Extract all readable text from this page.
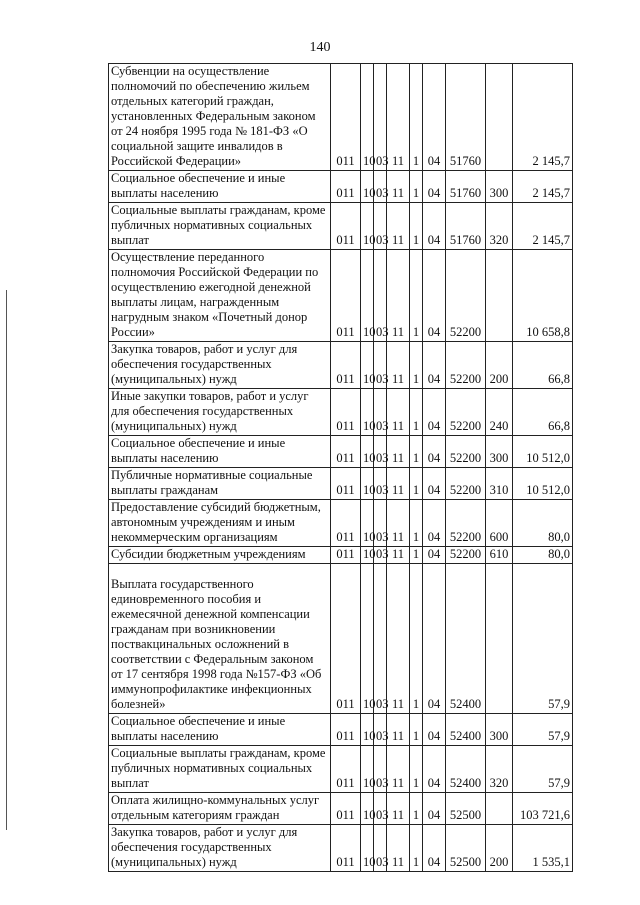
140
Субвенции на осуществление полномочий по обеспечению жильем отдельных категорий граждан, установленных Федеральным законом от 24 ноября 1995 года № 181-ФЗ «О социальной защите инвалидов в Российской Федерации»	011	10	03	11	1	04	51760		2 145,7
Социальное обеспечение и иные выплаты населению	011	10	03	11	1	04	51760	300	2 145,7
Социальные выплаты гражданам, кроме публичных нормативных социальных выплат	011	10	03	11	1	04	51760	320	2 145,7
Осуществление переданного полномочия Российской Федерации по осуществлению ежегодной денежной выплаты лицам, награжденным нагрудным знаком «Почетный донор России»	011	10	03	11	1	04	52200		10 658,8
Закупка товаров, работ и услуг для обеспечения государственных (муниципальных) нужд	011	10	03	11	1	04	52200	200	66,8
Иные закупки товаров, работ и услуг для обеспечения государственных (муниципальных) нужд	011	10	03	11	1	04	52200	240	66,8
Социальное обеспечение и иные выплаты населению	011	10	03	11	1	04	52200	300	10 512,0
Публичные нормативные социальные выплаты гражданам	011	10	03	11	1	04	52200	310	10 512,0
Предоставление субсидий бюджетным, автономным учреждениям и иным некоммерческим организациям	011	10	03	11	1	04	52200	600	80,0
Субсидии бюджетным учреждениям	011	10	03	11	1	04	52200	610	80,0
Выплата государственного единовременного пособия и ежемесячной денежной компенсации гражданам при возникновении поствакцинальных осложнений в соответствии с Федеральным законом от 17 сентября 1998 года №157-ФЗ «Об иммунопрофилактике инфекционных болезней»	011	10	03	11	1	04	52400		57,9
Социальное обеспечение и иные выплаты населению	011	10	03	11	1	04	52400	300	57,9
Социальные выплаты гражданам, кроме публичных нормативных социальных выплат	011	10	03	11	1	04	52400	320	57,9
Оплата жилищно-коммунальных услуг отдельным категориям граждан	011	10	03	11	1	04	52500		103 721,6
Закупка товаров, работ и услуг для обеспечения государственных (муниципальных) нужд	011	10	03	11	1	04	52500	200	1 535,1
